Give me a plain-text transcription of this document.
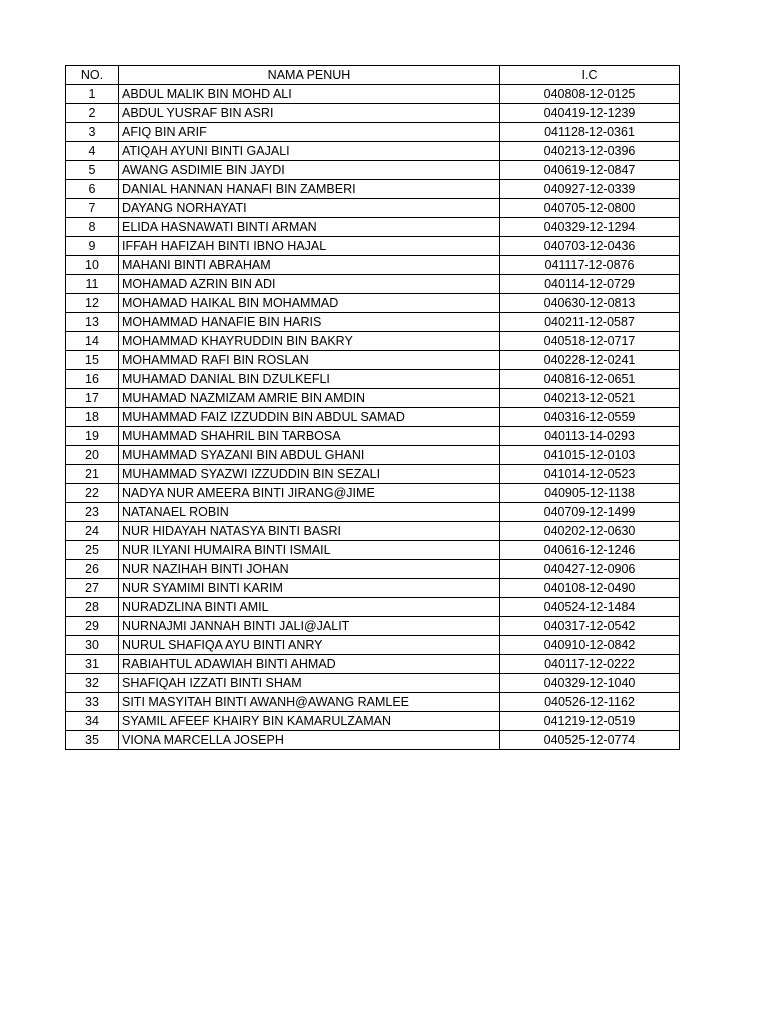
NO.	NAMA PENUH	I.C
1	ABDUL MALIK BIN MOHD ALI	040808-12-0125
2	ABDUL YUSRAF BIN ASRI	040419-12-1239
3	AFIQ BIN ARIF	041128-12-0361
4	ATIQAH AYUNI BINTI GAJALI	040213-12-0396
5	AWANG ASDIMIE BIN JAYDI	040619-12-0847
6	DANIAL HANNAN HANAFI BIN ZAMBERI	040927-12-0339
7	DAYANG NORHAYATI	040705-12-0800
8	ELIDA HASNAWATI BINTI ARMAN	040329-12-1294
9	IFFAH HAFIZAH BINTI IBNO HAJAL	040703-12-0436
10	MAHANI BINTI ABRAHAM	041117-12-0876
11	MOHAMAD AZRIN BIN ADI	040114-12-0729
12	MOHAMAD HAIKAL BIN MOHAMMAD	040630-12-0813
13	MOHAMMAD HANAFIE BIN HARIS	040211-12-0587
14	MOHAMMAD KHAYRUDDIN BIN BAKRY	040518-12-0717
15	MOHAMMAD RAFI BIN ROSLAN	040228-12-0241
16	MUHAMAD DANIAL BIN DZULKEFLI	040816-12-0651
17	MUHAMAD NAZMIZAM AMRIE BIN AMDIN	040213-12-0521
18	MUHAMMAD FAIZ IZZUDDIN BIN ABDUL SAMAD	040316-12-0559
19	MUHAMMAD SHAHRIL BIN TARBOSA	040113-14-0293
20	MUHAMMAD SYAZANI BIN ABDUL GHANI	041015-12-0103
21	MUHAMMAD SYAZWI IZZUDDIN BIN SEZALI	041014-12-0523
22	NADYA NUR AMEERA BINTI JIRANG@JIME	040905-12-1138
23	NATANAEL ROBIN	040709-12-1499
24	NUR HIDAYAH NATASYA BINTI BASRI	040202-12-0630
25	NUR ILYANI HUMAIRA BINTI ISMAIL	040616-12-1246
26	NUR NAZIHAH BINTI JOHAN	040427-12-0906
27	NUR SYAMIMI BINTI KARIM	040108-12-0490
28	NURADZLINA BINTI AMIL	040524-12-1484
29	NURNAJMI JANNAH BINTI JALI@JALIT	040317-12-0542
30	NURUL SHAFIQA AYU BINTI ANRY	040910-12-0842
31	RABIAHTUL ADAWIAH BINTI AHMAD	040117-12-0222
32	SHAFIQAH IZZATI BINTI SHAM	040329-12-1040
33	SITI MASYITAH BINTI AWANH@AWANG RAMLEE	040526-12-1162
34	SYAMIL AFEEF KHAIRY BIN KAMARULZAMAN	041219-12-0519
35	VIONA MARCELLA JOSEPH	040525-12-0774
